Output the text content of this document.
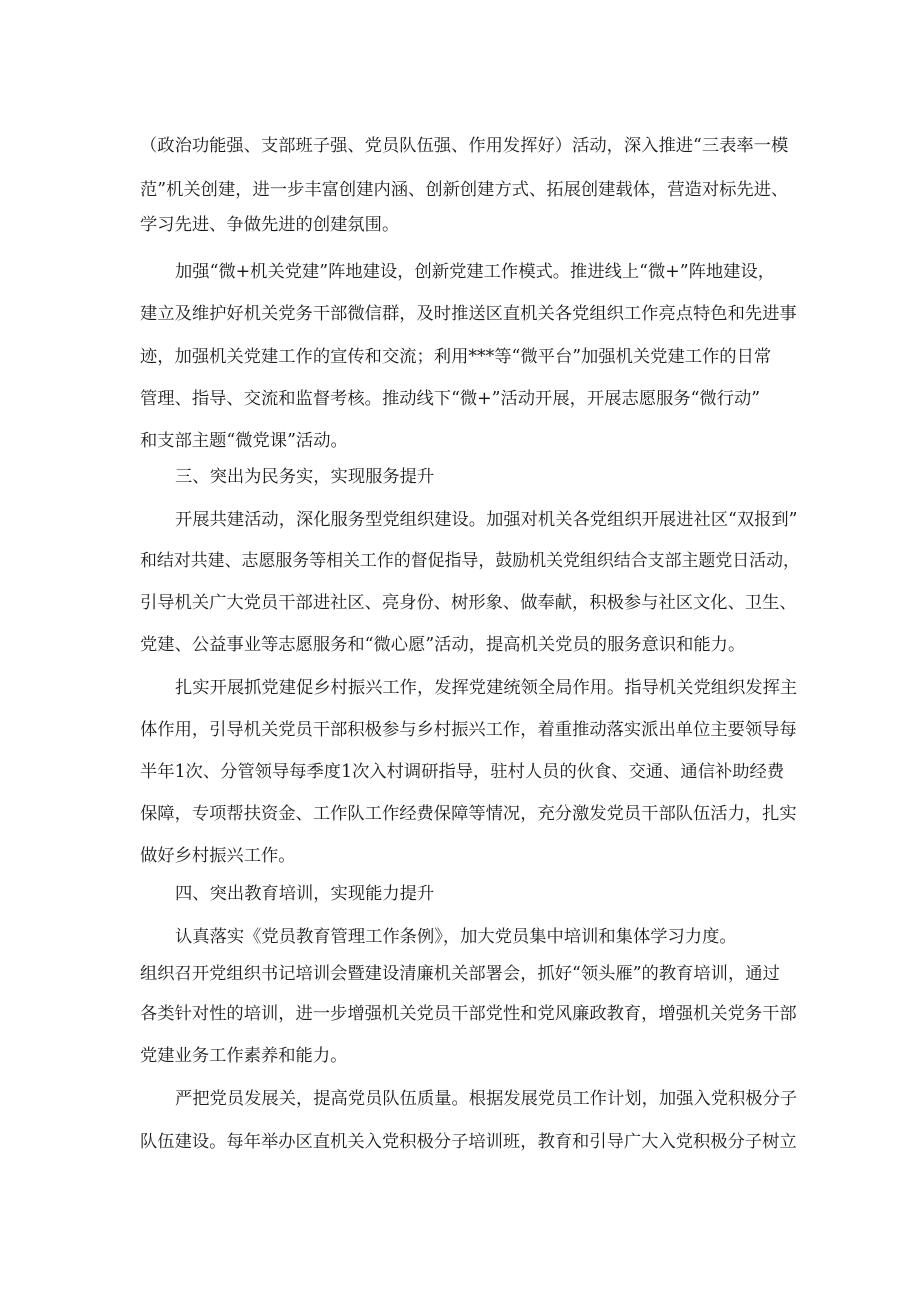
（政治功能强、支部班子强、党员队伍强、作用发挥好）活动，深入推进“三表率一模
范”机关创建，进一步丰富创建内涵、创新创建方式、拓展创建载体，营造对标先进、
学习先进、争做先进的创建氛围。
加强“微+机关党建”阵地建设，创新党建工作模式。推进线上“微+”阵地建设，
建立及维护好机关党务干部微信群，及时推送区直机关各党组织工作亮点特色和先进事
迹，加强机关党建工作的宣传和交流；利用***等“微平台”加强机关党建工作的日常
管理、指导、交流和监督考核。推动线下“微+”活动开展，开展志愿服务“微行动”
和支部主题“微党课”活动。
三、突出为民务实，实现服务提升
开展共建活动，深化服务型党组织建设。加强对机关各党组织开展进社区“双报到”
和结对共建、志愿服务等相关工作的督促指导，鼓励机关党组织结合支部主题党日活动，
引导机关广大党员干部进社区、亮身份、树形象、做奉献，积极参与社区文化、卫生、
党建、公益事业等志愿服务和“微心愿”活动，提高机关党员的服务意识和能力。
扎实开展抓党建促乡村振兴工作，发挥党建统领全局作用。指导机关党组织发挥主
体作用，引导机关党员干部积极参与乡村振兴工作，着重推动落实派出单位主要领导每
半年1次、分管领导每季度1次入村调研指导，驻村人员的伙食、交通、通信补助经费
保障，专项帮扶资金、工作队工作经费保障等情况，充分激发党员干部队伍活力，扎实
做好乡村振兴工作。
四、突出教育培训，实现能力提升
认真落实《党员教育管理工作条例》，加大党员集中培训和集体学习力度。
组织召开党组织书记培训会暨建设清廉机关部署会，抓好“领头雁”的教育培训，通过
各类针对性的培训，进一步增强机关党员干部党性和党风廉政教育，增强机关党务干部
党建业务工作素养和能力。
严把党员发展关，提高党员队伍质量。根据发展党员工作计划，加强入党积极分子
队伍建设。每年举办区直机关入党积极分子培训班，教育和引导广大入党积极分子树立
